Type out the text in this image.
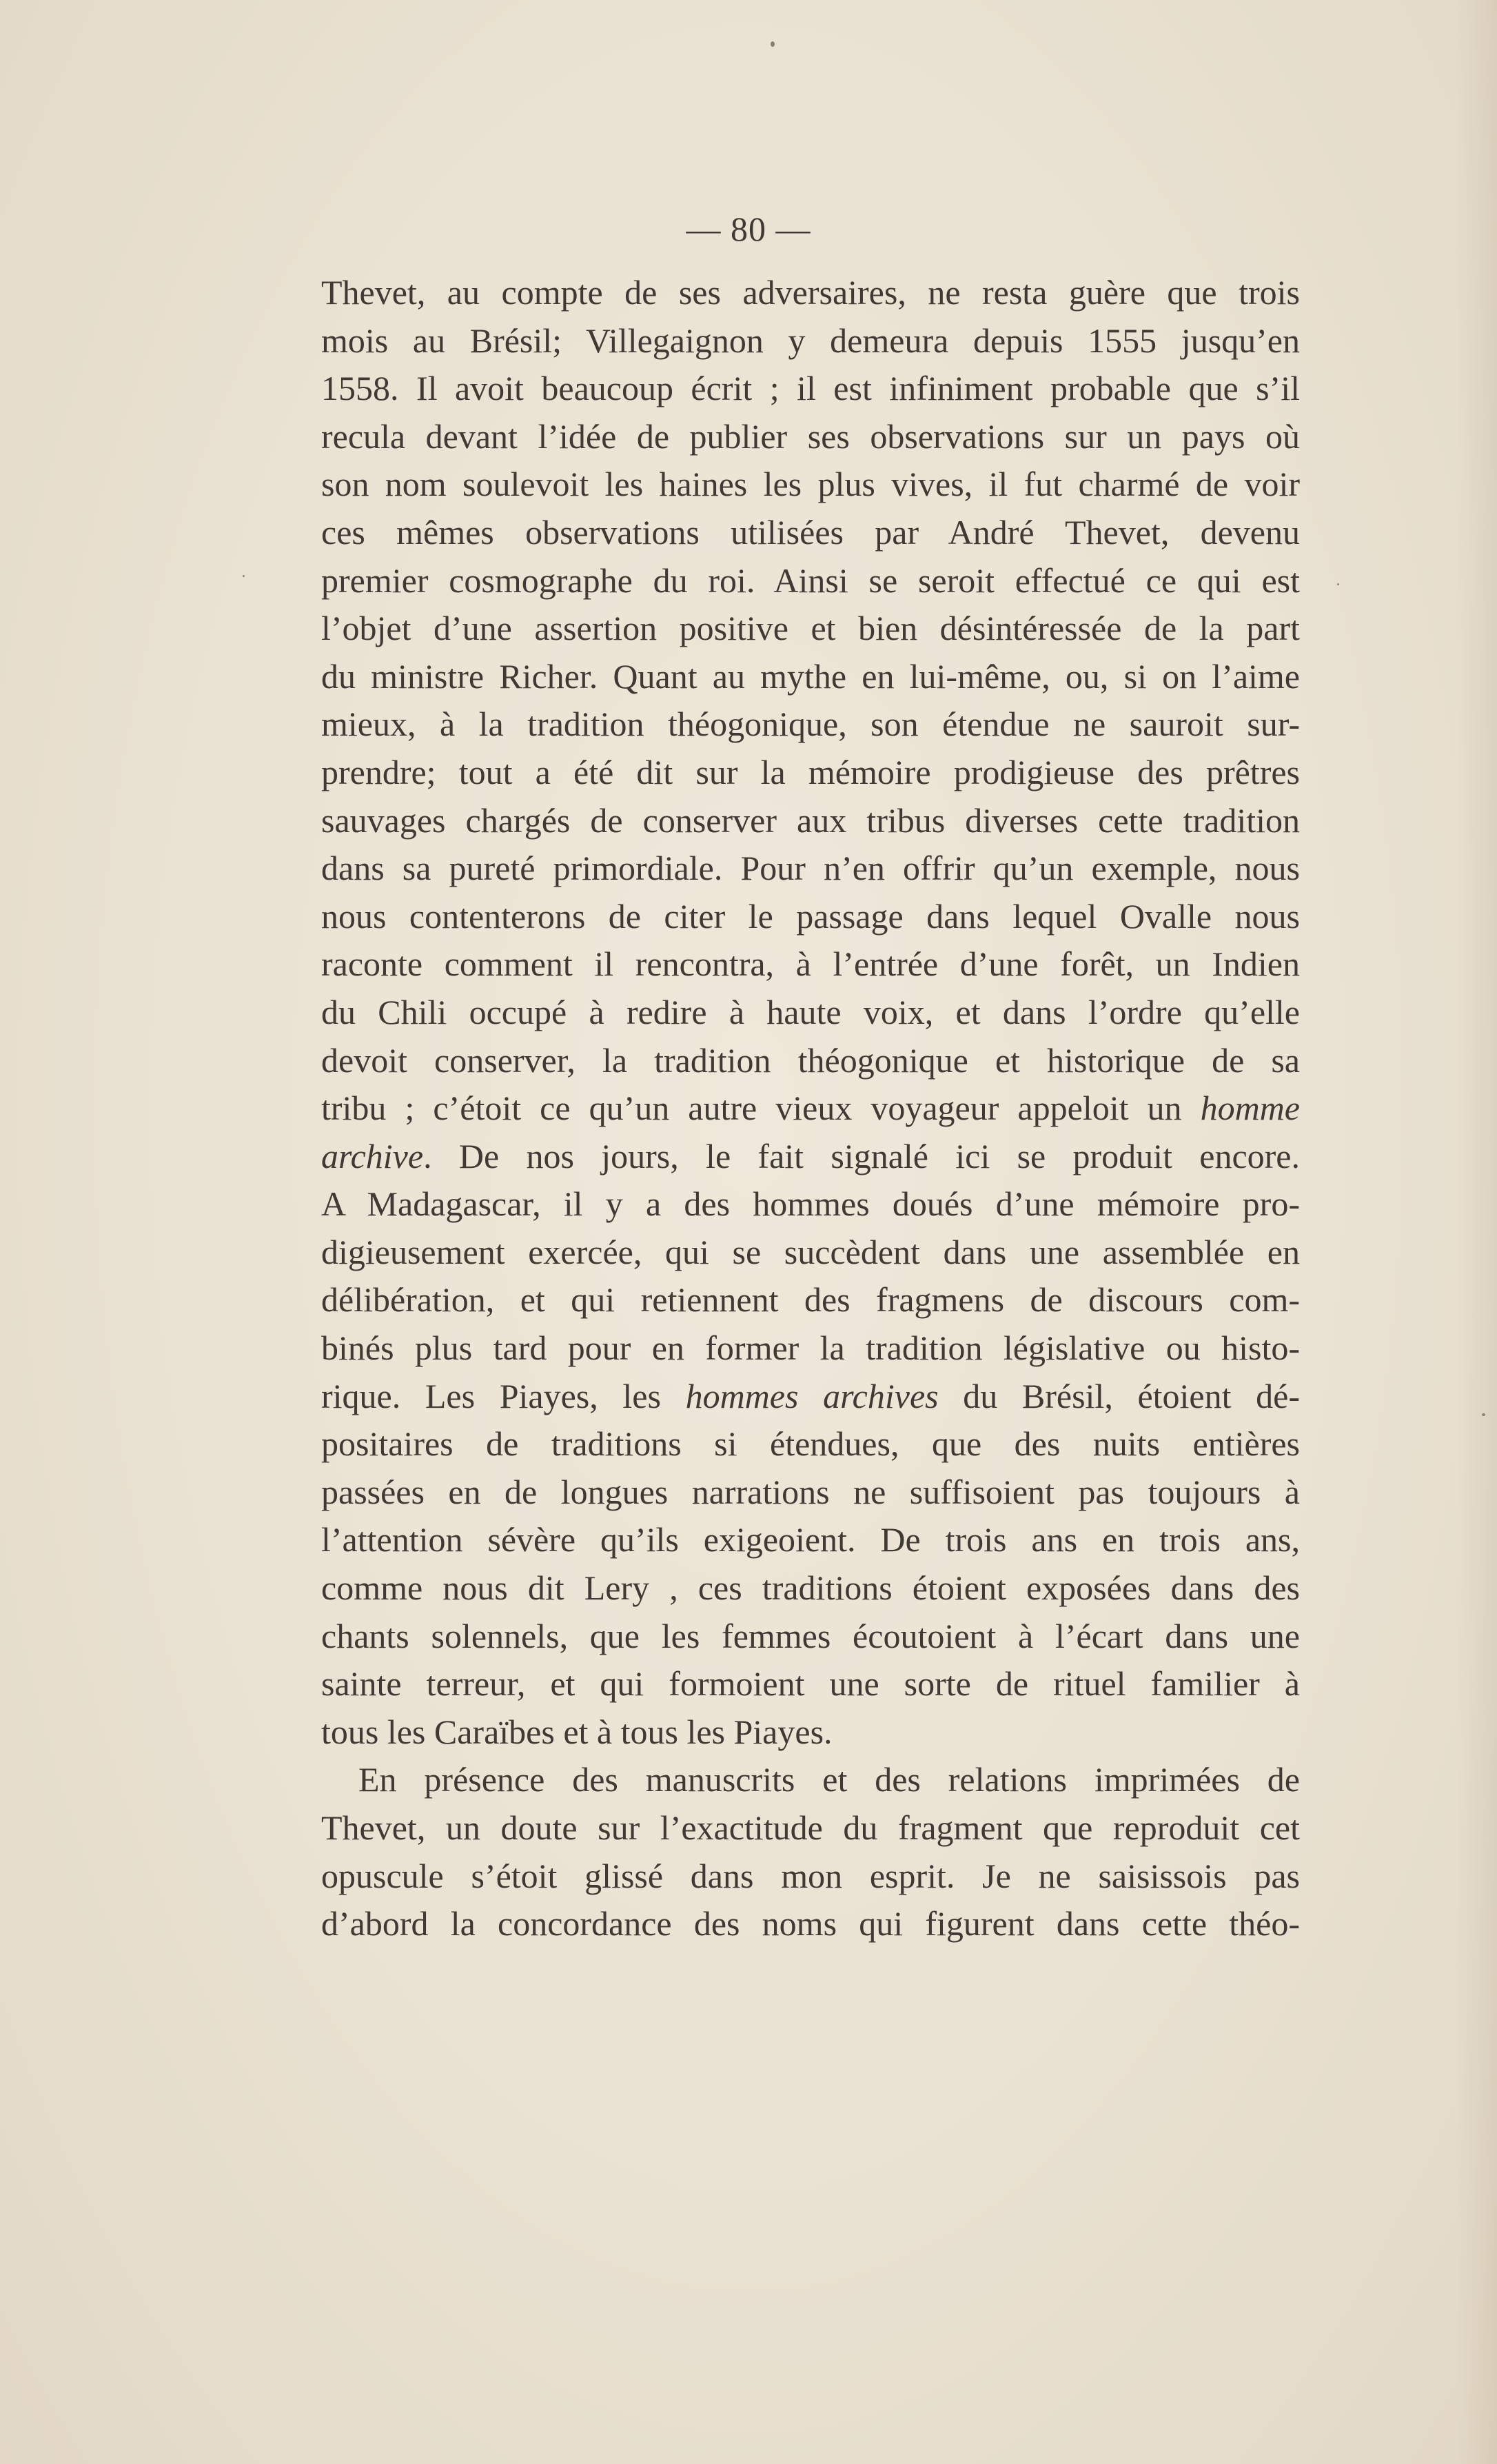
— 80 —
Thevet, au compte de ses adversaires, ne resta guère que trois
mois au Brésil; Villegaignon y demeura depuis 1555 jusqu’en
1558. Il avoit beaucoup écrit ; il est infiniment probable que s’il
recula devant l’idée de publier ses observations sur un pays où
son nom soulevoit les haines les plus vives, il fut charmé de voir
ces mêmes observations utilisées par André Thevet, devenu
premier cosmographe du roi. Ainsi se seroit effectué ce qui est
l’objet d’une assertion positive et bien désintéressée de la part
du ministre Richer. Quant au mythe en lui-même, ou, si on l’aime
mieux, à la tradition théogonique, son étendue ne sauroit sur-
prendre; tout a été dit sur la mémoire prodigieuse des prêtres
sauvages chargés de conserver aux tribus diverses cette tradition
dans sa pureté primordiale. Pour n’en offrir qu’un exemple, nous
nous contenterons de citer le passage dans lequel Ovalle nous
raconte comment il rencontra, à l’entrée d’une forêt, un Indien
du Chili occupé à redire à haute voix, et dans l’ordre qu’elle
devoit conserver, la tradition théogonique et historique de sa
tribu ; c’étoit ce qu’un autre vieux voyageur appeloit un homme
archive. De nos jours, le fait signalé ici se produit encore.
A Madagascar, il y a des hommes doués d’une mémoire pro-
digieusement exercée, qui se succèdent dans une assemblée en
délibération, et qui retiennent des fragmens de discours com-
binés plus tard pour en former la tradition législative ou histo-
rique. Les Piayes, les hommes archives du Brésil, étoient dé-
positaires de traditions si étendues, que des nuits entières
passées en de longues narrations ne suffisoient pas toujours à
l’attention sévère qu’ils exigeoient. De trois ans en trois ans,
comme nous dit Lery , ces traditions étoient exposées dans des
chants solennels, que les femmes écoutoient à l’écart dans une
sainte terreur, et qui formoient une sorte de rituel familier à
tous les Caraïbes et à tous les Piayes.
En présence des manuscrits et des relations imprimées de
Thevet, un doute sur l’exactitude du fragment que reproduit cet
opuscule s’étoit glissé dans mon esprit. Je ne saisissois pas
d’abord la concordance des noms qui figurent dans cette théo-
